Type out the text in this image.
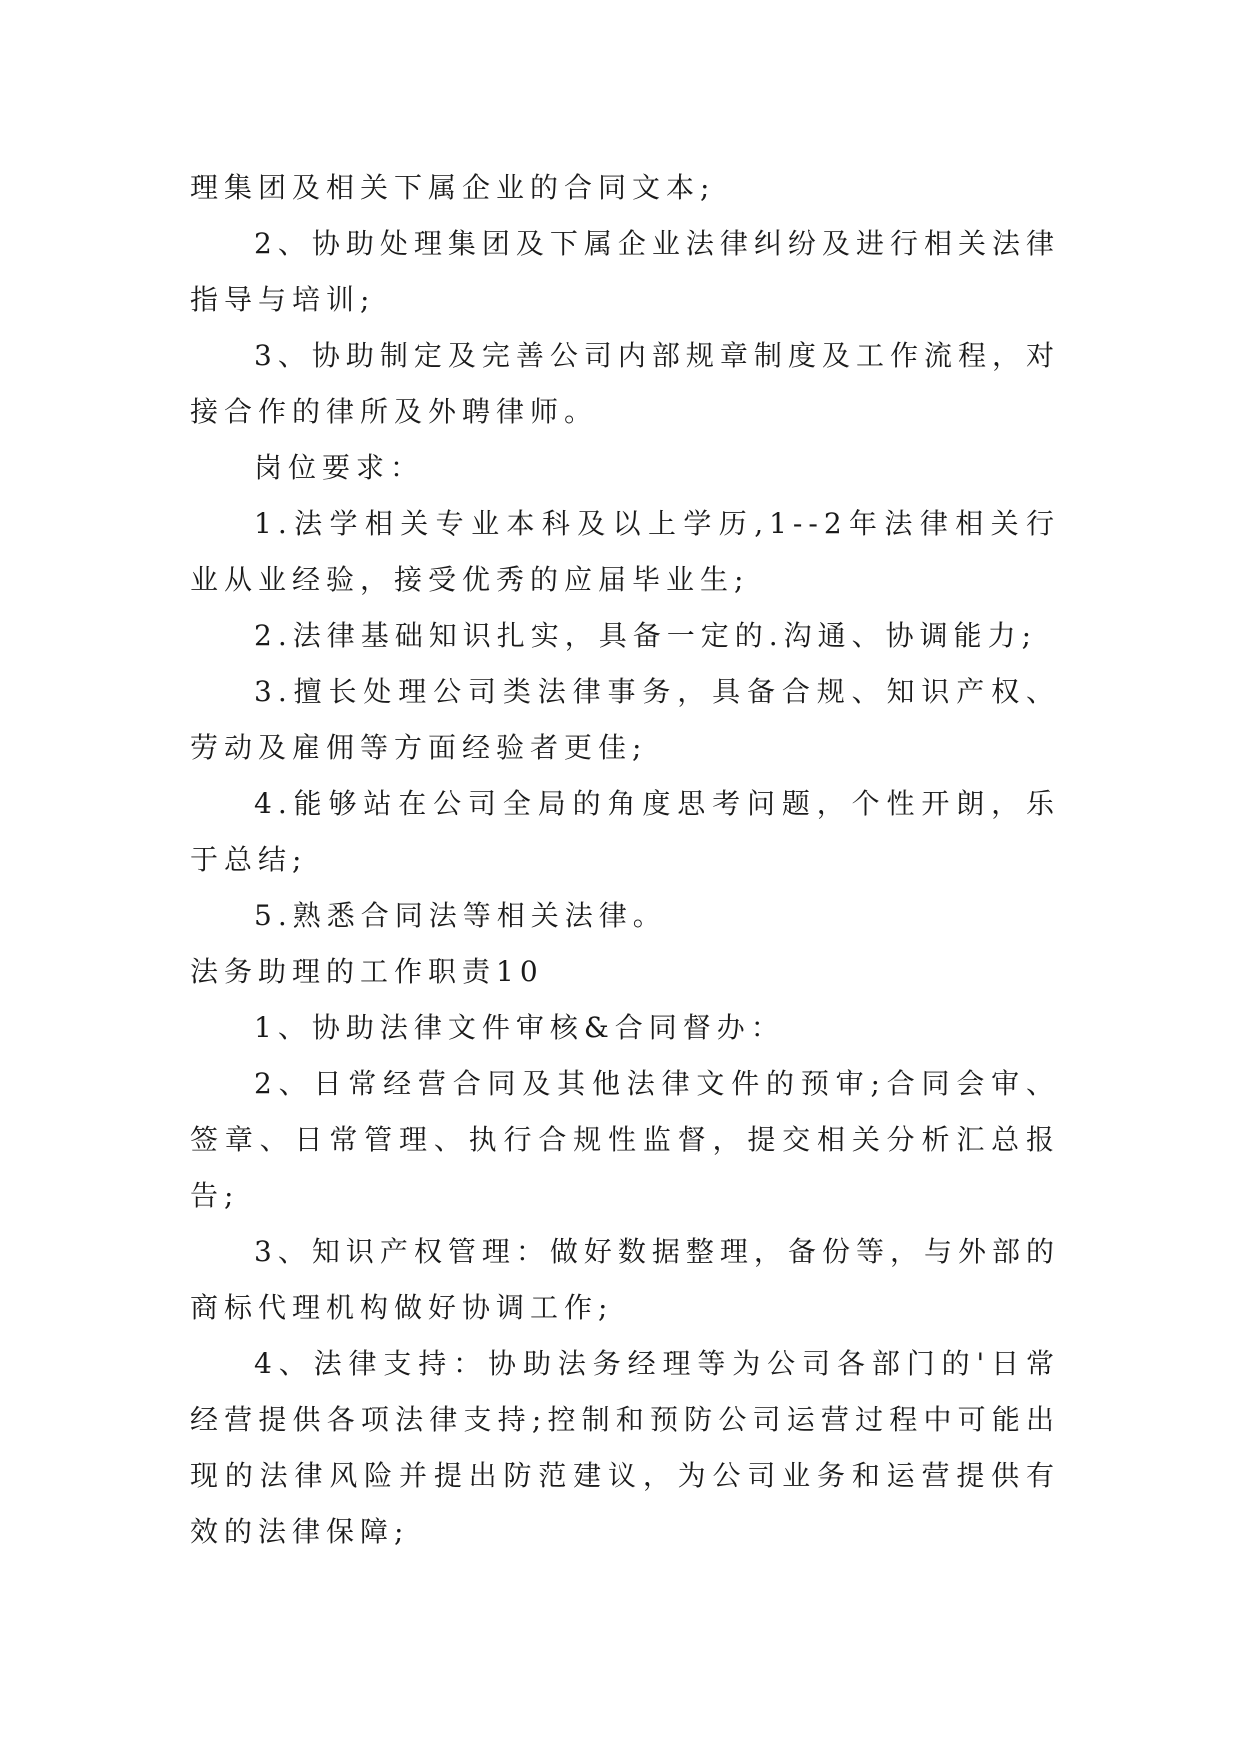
理集团及相关下属企业的合同文本;

2、协助处理集团及下属企业法律纠纷及进行相关法律指导与培训;

3、协助制定及完善公司内部规章制度及工作流程，对接合作的律所及外聘律师。

岗位要求：

1.法学相关专业本科及以上学历,1--2年法律相关行业从业经验，接受优秀的应届毕业生;

2.法律基础知识扎实，具备一定的.沟通、协调能力;

3.擅长处理公司类法律事务，具备合规、知识产权、劳动及雇佣等方面经验者更佳;

4.能够站在公司全局的角度思考问题，个性开朗，乐于总结;

5.熟悉合同法等相关法律。

法务助理的工作职责10

1、协助法律文件审核&合同督办：

2、日常经营合同及其他法律文件的预审;合同会审、签章、日常管理、执行合规性监督，提交相关分析汇总报告;

3、知识产权管理：做好数据整理，备份等，与外部的商标代理机构做好协调工作;

4、法律支持：协助法务经理等为公司各部门的'日常经营提供各项法律支持;控制和预防公司运营过程中可能出现的法律风险并提出防范建议，为公司业务和运营提供有效的法律保障;
